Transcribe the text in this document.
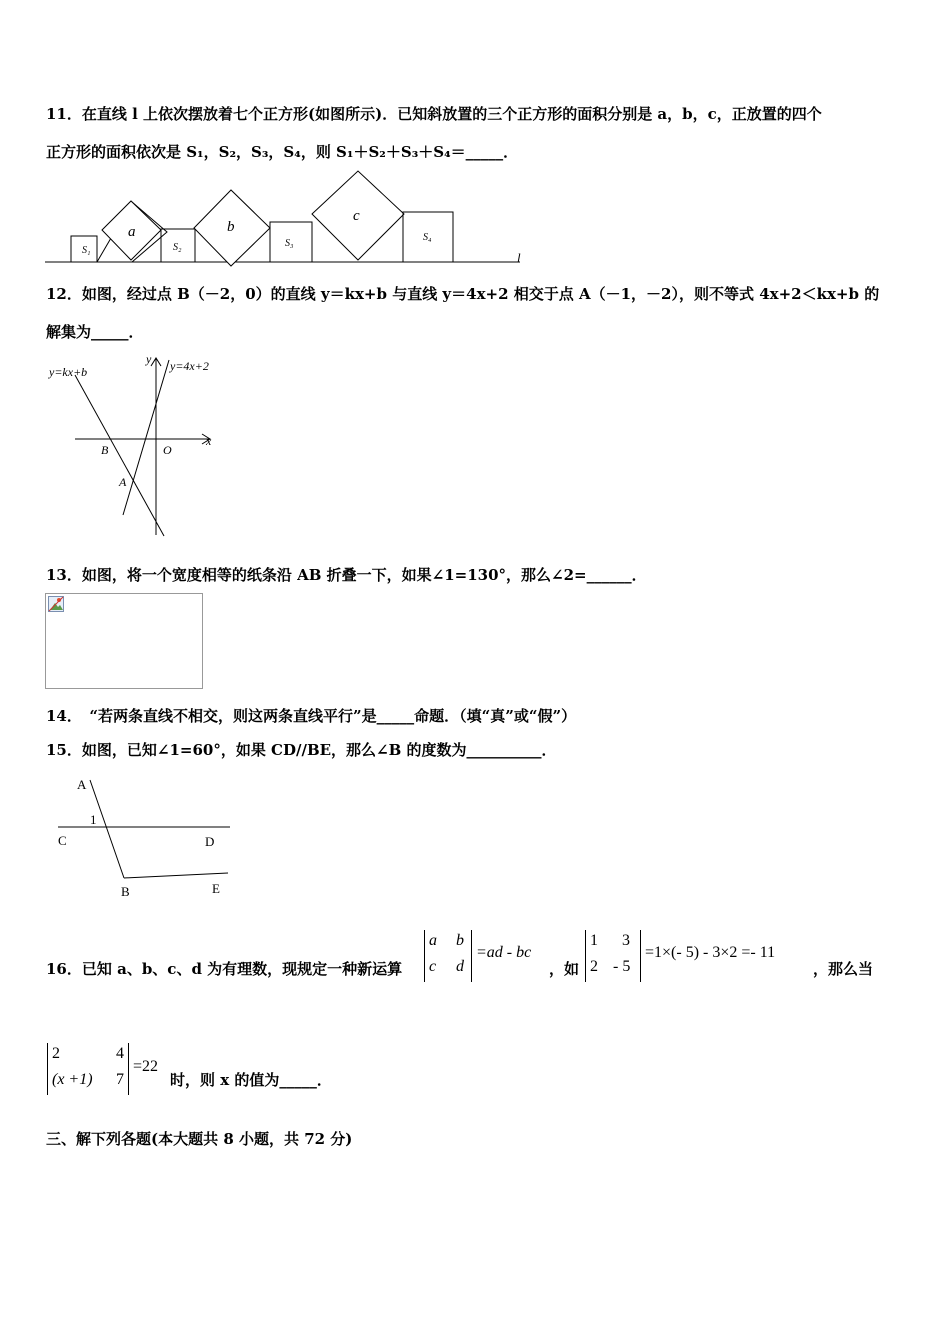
11．在直线 l 上依次摆放着七个正方形(如图所示)．已知斜放置的三个正方形的面积分别是 a，b，c，正放置的四个
正方形的面积依次是 S₁，S₂，S₃，S₄，则 S₁＋S₂＋S₃＋S₄＝_____．
S₁
a
S₂
b
S₃
c
S₄
l
12．如图，经过点 B（－2，0）的直线 y＝kx+b 与直线 y＝4x+2 相交于点 A（－1，－2），则不等式 4x+2＜kx+b 的
解集为_____．
y=kx+b	y=4x+2
y
x
O
B
A
13．如图，将一个宽度相等的纸条沿 AB 折叠一下，如果∠1=130°，那么∠2=______．
14．　“若两条直线不相交，则这两条直线平行”是_____命题．（填“真”或“假”）
15．如图，已知∠1=60°，如果 CD//BE，那么∠B 的度数为__________．
A
1
C	D
B	E
16．已知 a、b、c、d 为有理数，现规定一种新运算
a b
c d
=ad - bc
，如
1 3
2 - 5
=1×(- 5) - 3×2 =- 11
，那么当
2	4
(x +1) 7
=22
时，则 x 的值为_____．
三、解下列各题(本大题共 8 小题，共 72 分)
